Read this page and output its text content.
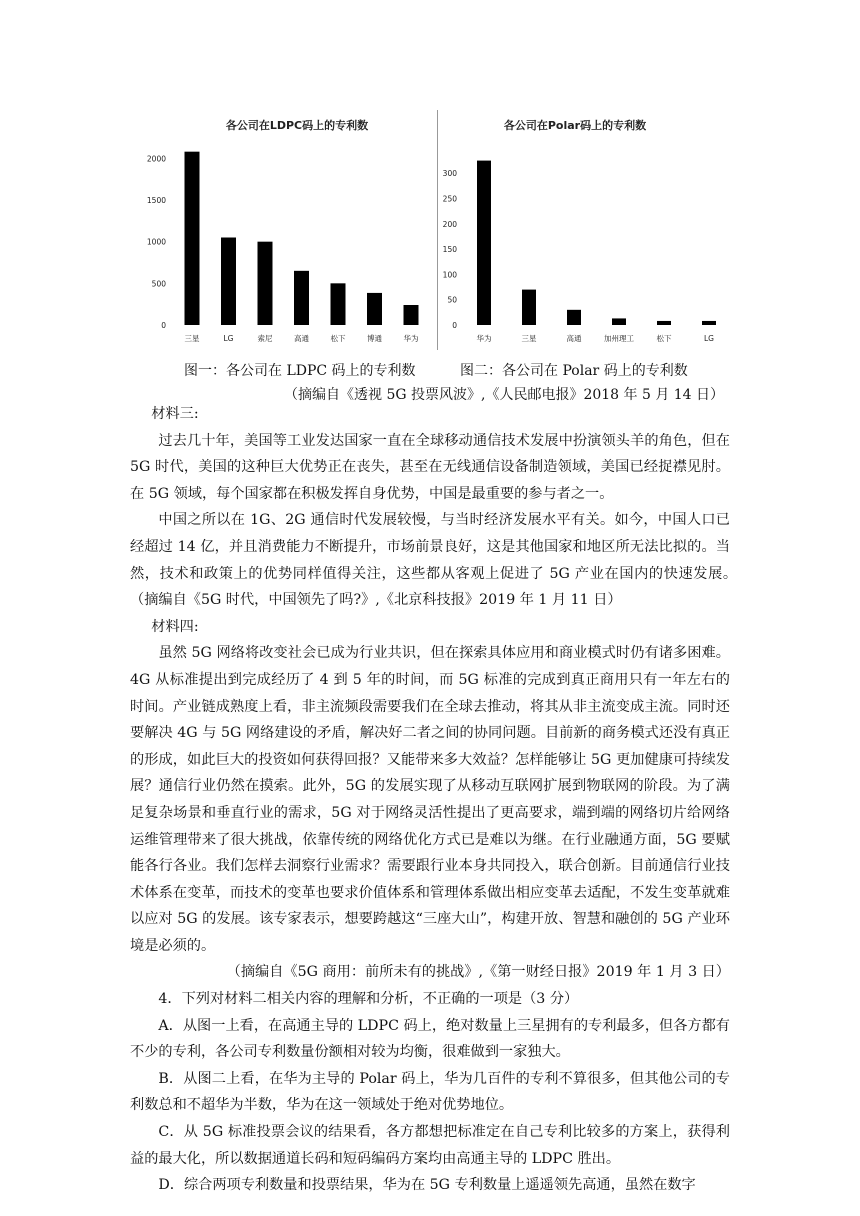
各公司在LDPC码上的专利数
0
500
1000
1500
2000
三星	LG	索尼	高通	松下	博通	华为
各公司在Polar码上的专利数
0
50
100
150
200
250
300
华为	三星	高通	加州理工	松下	LG
图一：各公司在 LDPC 码上的专利数	图二：各公司在 Polar 码上的专利数
（摘编自《透视 5G 投票风波》,《人民邮电报》2018 年 5 月 14 日）

材料三:

过去几十年，美国等工业发达国家一直在全球移动通信技术发展中扮演领头羊的角色，但在 5G 时代，美国的这种巨大优势正在丧失，甚至在无线通信设备制造领域，美国已经捉襟见肘。在 5G 领域，每个国家都在积极发挥自身优势，中国是最重要的参与者之一。

中国之所以在 1G、2G 通信时代发展较慢，与当时经济发展水平有关。如今，中国人口已经超过 14 亿，并且消费能力不断提升，市场前景良好，这是其他国家和地区所无法比拟的。当然，技术和政策上的优势同样值得关注，这些都从客观上促进了 5G 产业在国内的快速发展。　　（摘编自《5G 时代，中国领先了吗?》,《北京科技报》2019 年 1 月 11 日）

材料四:

虽然 5G 网络将改变社会已成为行业共识，但在探索具体应用和商业模式时仍有诸多困难。4G 从标准提出到完成经历了 4 到 5 年的时间，而 5G 标准的完成到真正商用只有一年左右的时间。产业链成熟度上看，非主流频段需要我们在全球去推动，将其从非主流变成主流。同时还要解决 4G 与 5G 网络建设的矛盾，解决好二者之间的协同问题。目前新的商务模式还没有真正的形成，如此巨大的投资如何获得回报？又能带来多大效益？怎样能够让 5G 更加健康可持续发展？通信行业仍然在摸索。此外，5G 的发展实现了从移动互联网扩展到物联网的阶段。为了满足复杂场景和垂直行业的需求，5G 对于网络灵活性提出了更高要求，端到端的网络切片给网络运维管理带来了很大挑战，依靠传统的网络优化方式已是难以为继。在行业融通方面，5G 要赋能各行各业。我们怎样去洞察行业需求？需要跟行业本身共同投入，联合创新。目前通信行业技术体系在变革，而技术的变革也要求价值体系和管理体系做出相应变革去适配，不发生变革就难以应对 5G 的发展。该专家表示，想要跨越这“三座大山”，构建开放、智慧和融创的 5G 产业环境是必须的。

（摘编自《5G 商用：前所未有的挑战》,《第一财经日报》2019 年 1 月 3 日）

4．下列对材料二相关内容的理解和分析，不正确的一项是（3 分）

A．从图一上看，在高通主导的 LDPC 码上，绝对数量上三星拥有的专利最多，但各方都有不少的专利，各公司专利数量份额相对较为均衡，很难做到一家独大。

B．从图二上看，在华为主导的 Polar 码上，华为几百件的专利不算很多，但其他公司的专利数总和不超华为半数，华为在这一领域处于绝对优势地位。

C．从 5G 标准投票会议的结果看，各方都想把标准定在自己专利比较多的方案上，获得利益的最大化，所以数据通道长码和短码编码方案均由高通主导的 LDPC 胜出。

D．综合两项专利数量和投票结果，华为在 5G 专利数量上遥遥领先高通，虽然在数字
